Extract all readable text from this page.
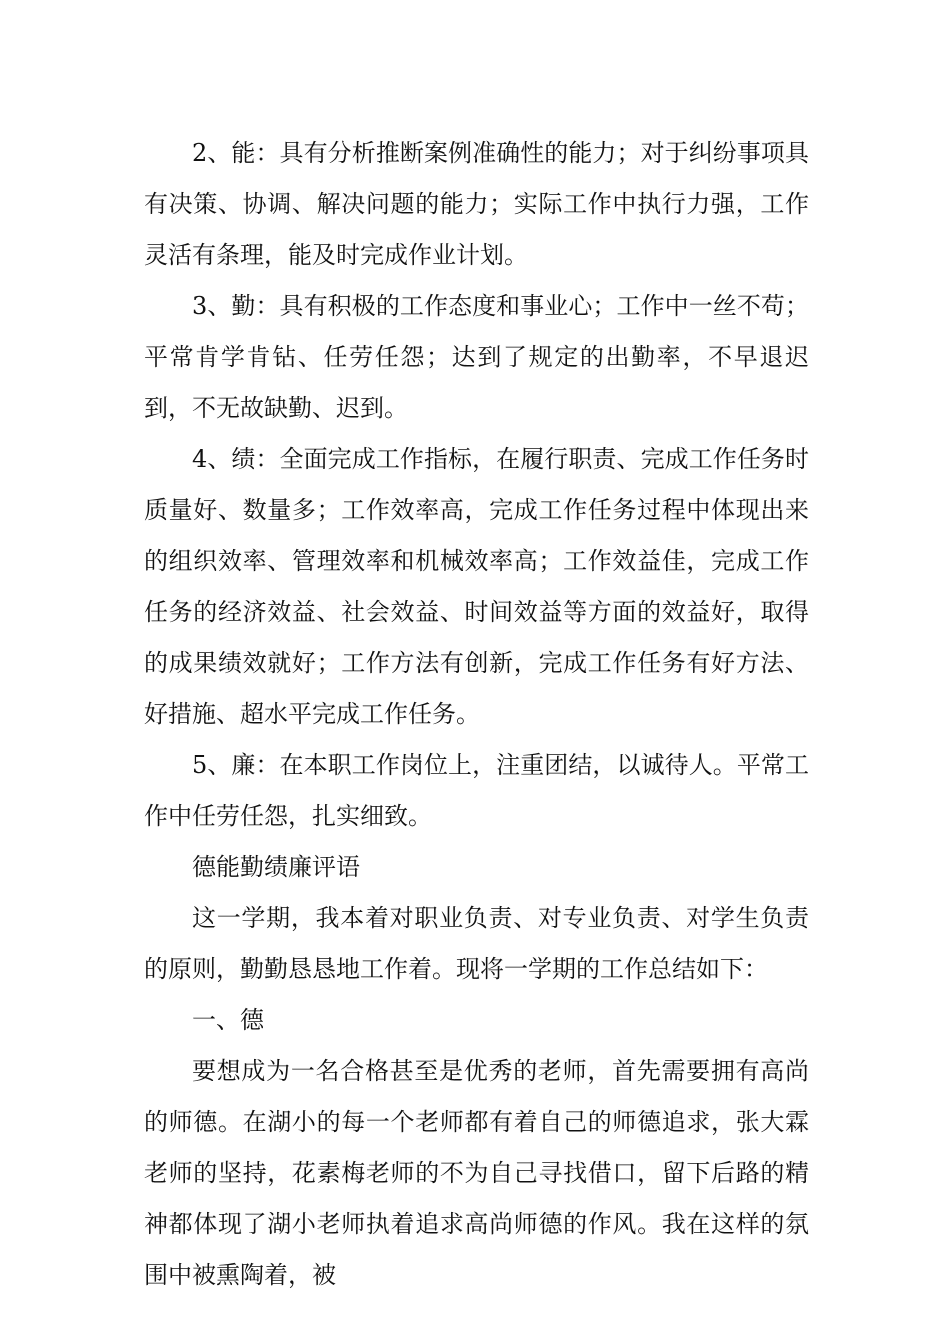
2、能：具有分析推断案例准确性的能力；对于纠纷事项具有决策、协调、解决问题的能力；实际工作中执行力强，工作灵活有条理，能及时完成作业计划。

3、勤：具有积极的工作态度和事业心；工作中一丝不苟；平常肯学肯钻、任劳任怨；达到了规定的出勤率，不早退迟到，不无故缺勤、迟到。

4、绩：全面完成工作指标，在履行职责、完成工作任务时质量好、数量多；工作效率高，完成工作任务过程中体现出来的组织效率、管理效率和机械效率高；工作效益佳，完成工作任务的经济效益、社会效益、时间效益等方面的效益好，取得的成果绩效就好；工作方法有创新，完成工作任务有好方法、好措施、超水平完成工作任务。

5、廉：在本职工作岗位上，注重团结，以诚待人。平常工作中任劳任怨，扎实细致。

德能勤绩廉评语

这一学期，我本着对职业负责、对专业负责、对学生负责的原则，勤勤恳恳地工作着。现将一学期的工作总结如下：

一、德

要想成为一名合格甚至是优秀的老师，首先需要拥有高尚的师德。在湖小的每一个老师都有着自己的师德追求，张大霖老师的坚持，花素梅老师的不为自己寻找借口，留下后路的精神都体现了湖小老师执着追求高尚师德的作风。我在这样的氛围中被熏陶着，被
